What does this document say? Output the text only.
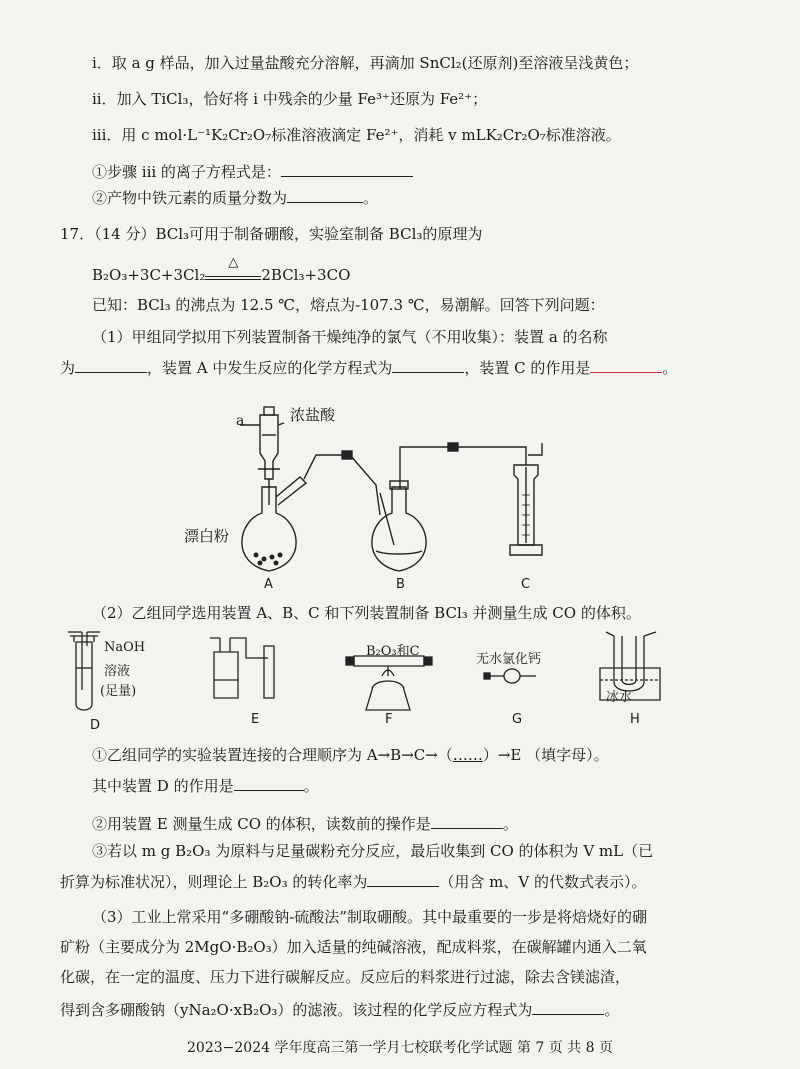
i．取 a g 样品，加入过量盐酸充分溶解，再滴加 SnCl₂(还原剂)至溶液呈浅黄色；
ii．加入 TiCl₃，恰好将 i 中残余的少量 Fe³⁺还原为 Fe²⁺；
iii．用 c mol·L⁻¹K₂Cr₂O₇标准溶液滴定 Fe²⁺，消耗 v mLK₂Cr₂O₇标准溶液。
①步骤 iii 的离子方程式是：
②产物中铁元素的质量分数为	。
17．（14 分）BCl₃可用于制备硼酸，实验室制备 BCl₃的原理为
B₂O₃+3C+3Cl₂
△
2BCl₃+3CO
已知：BCl₃ 的沸点为 12.5 ℃，熔点为-107.3 ℃，易潮解。回答下列问题：
（1）甲组同学拟用下列装置制备干燥纯净的氯气（不用收集）：装置 a 的名称
为	，装置 A 中发生反应的化学方程式为	，装置 C 的作用是	。
a	浓盐酸
漂白粉
A	B	C
（2）乙组同学选用装置 A、B、C 和下列装置制备 BCl₃ 并测量生成 CO 的体积。
NaOH
溶液
(足量)
B₂O₃和C
无水氯化钙
冰水
D	E	F	G	H
①乙组同学的实验装置连接的合理顺序为 A→B→C→（……）→E （填字母）。
其中装置 D 的作用是	。
②用装置 E 测量生成 CO 的体积，读数前的操作是	。
③若以 m g B₂O₃ 为原料与足量碳粉充分反应，最后收集到 CO 的体积为 V mL（已
折算为标准状况），则理论上 B₂O₃ 的转化率为	（用含 m、V 的代数式表示）。
（3）工业上常采用“多硼酸钠-硫酸法”制取硼酸。其中最重要的一步是将焙烧好的硼
矿粉（主要成分为 2MgO·B₂O₃）加入适量的纯碱溶液，配成料浆，在碳解罐内通入二氧
化碳，在一定的温度、压力下进行碳解反应。反应后的料浆进行过滤，除去含镁滤渣，
得到含多硼酸钠（yNa₂O·xB₂O₃）的滤液。该过程的化学反应方程式为	。
2023−2024 学年度高三第一学月七校联考化学试题 第 7 页 共 8 页
